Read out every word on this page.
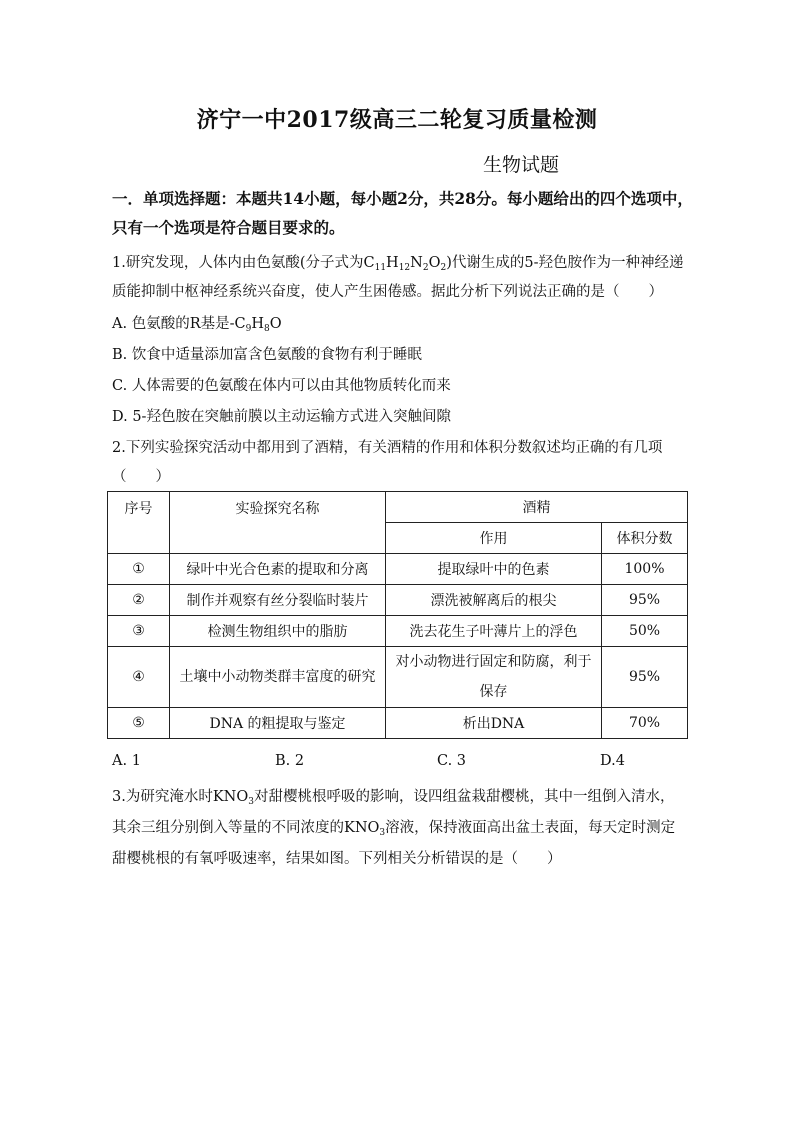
济宁一中2017级高三二轮复习质量检测
生物试题
一．单项选择题：本题共14小题，每小题2分，共28分。每小题给出的四个选项中，
只有一个选项是符合题目要求的。
1.研究发现，人体内由色氨酸(分子式为$C_{11}H_{12}N_2O_2$)代谢生成的5-羟色胺作为一种神经递
质能抑制中枢神经系统兴奋度，使人产生困倦感。据此分析下列说法正确的是（　　）
A. 色氨酸的R基是$-C_9H_8O$
B. 饮食中适量添加富含色氨酸的食物有利于睡眠
C. 人体需要的色氨酸在体内可以由其他物质转化而来
D. 5-羟色胺在突触前膜以主动运输方式进入突触间隙
2.下列实验探究活动中都用到了酒精，有关酒精的作用和体积分数叙述均正确的有几项
（　　）
序号	实验探究名称	酒精	
		作用	体积分数
①	绿叶中光合色素的提取和分离	提取绿叶中的色素	100%
②	制作并观察有丝分裂临时装片	漂洗被解离后的根尖	95%
③	检测生物组织中的脂肪	洗去花生子叶薄片上的浮色	50%
④	土壤中小动物类群丰富度的研究	对小动物进行固定和防腐，利于保存	95%
⑤	DNA 的粗提取与鉴定	析出DNA	70%
A. 1	B. 2	C. 3	D.4
3.为研究淹水时$KNO_3$对甜樱桃根呼吸的影响，设四组盆栽甜樱桃，其中一组倒入清水，
其余三组分别倒入等量的不同浓度的$KNO_3$溶液，保持液面高出盆土表面，每天定时测定
甜樱桃根的有氧呼吸速率，结果如图。下列相关分析错误的是（　　）
